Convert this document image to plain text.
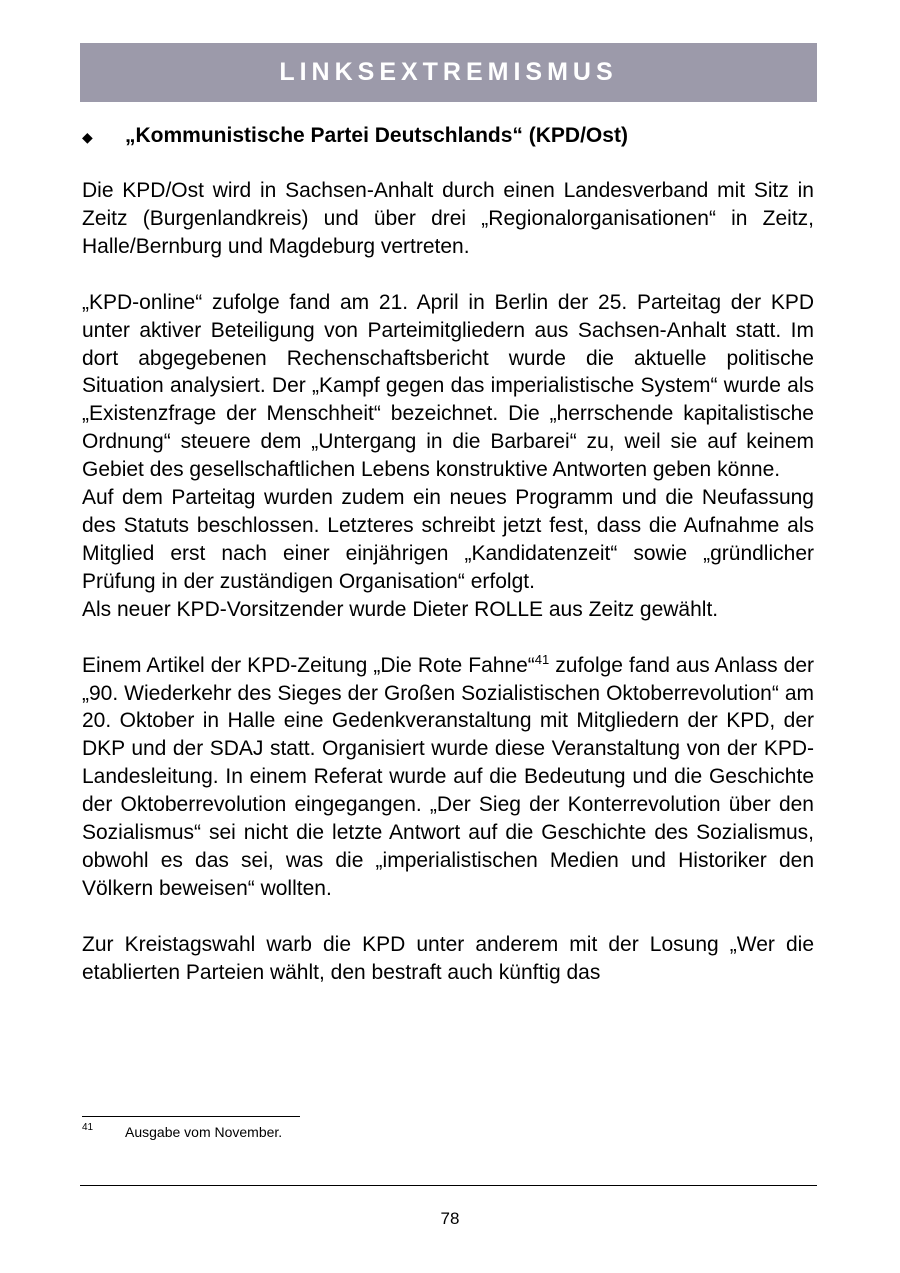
LINKSEXTREMISMUS
◆	„Kommunistische Partei Deutschlands“ (KPD/Ost)

Die KPD/Ost wird in Sachsen-Anhalt durch einen Landesverband mit Sitz in Zeitz (Burgenlandkreis) und über drei „Regionalorganisationen“ in Zeitz, Halle/Bernburg und Magdeburg vertreten.

„KPD-online“ zufolge fand am 21. April in Berlin der 25. Parteitag der KPD unter aktiver Beteiligung von Parteimitgliedern aus Sachsen-Anhalt statt. Im dort abgegebenen Rechenschaftsbericht wurde die aktuelle politische Situation analysiert. Der „Kampf gegen das imperialistische System“ wurde als „Existenzfrage der Menschheit“ bezeichnet. Die „herrschende kapitalistische Ordnung“ steuere dem „Untergang in die Barbarei“ zu, weil sie auf keinem Gebiet des gesellschaftlichen Lebens konstruktive Antworten geben könne.

Auf dem Parteitag wurden zudem ein neues Programm und die Neufassung des Statuts beschlossen. Letzteres schreibt jetzt fest, dass die Aufnahme als Mitglied erst nach einer einjährigen „Kandidatenzeit“ sowie „gründlicher Prüfung in der zuständigen Organisation“ erfolgt.

Als neuer KPD-Vorsitzender wurde Dieter ROLLE aus Zeitz gewählt.

Einem Artikel der KPD-Zeitung „Die Rote Fahne“$^{41}$ zufolge fand aus Anlass der „90. Wiederkehr des Sieges der Großen Sozialistischen Oktoberrevolution“ am 20. Oktober in Halle eine Gedenkveranstaltung mit Mitgliedern der KPD, der DKP und der SDAJ statt. Organisiert wurde diese Veranstaltung von der KPD-Landesleitung. In einem Referat wurde auf die Bedeutung und die Geschichte der Oktoberrevolution eingegangen. „Der Sieg der Konterrevolution über den Sozialismus“ sei nicht die letzte Antwort auf die Geschichte des Sozialismus, obwohl es das sei, was die „imperialistischen Medien und Historiker den Völkern beweisen“ wollten.

Zur Kreistagswahl warb die KPD unter anderem mit der Losung „Wer die etablierten Parteien wählt, den bestraft auch künftig das

41	Ausgabe vom November.
78
